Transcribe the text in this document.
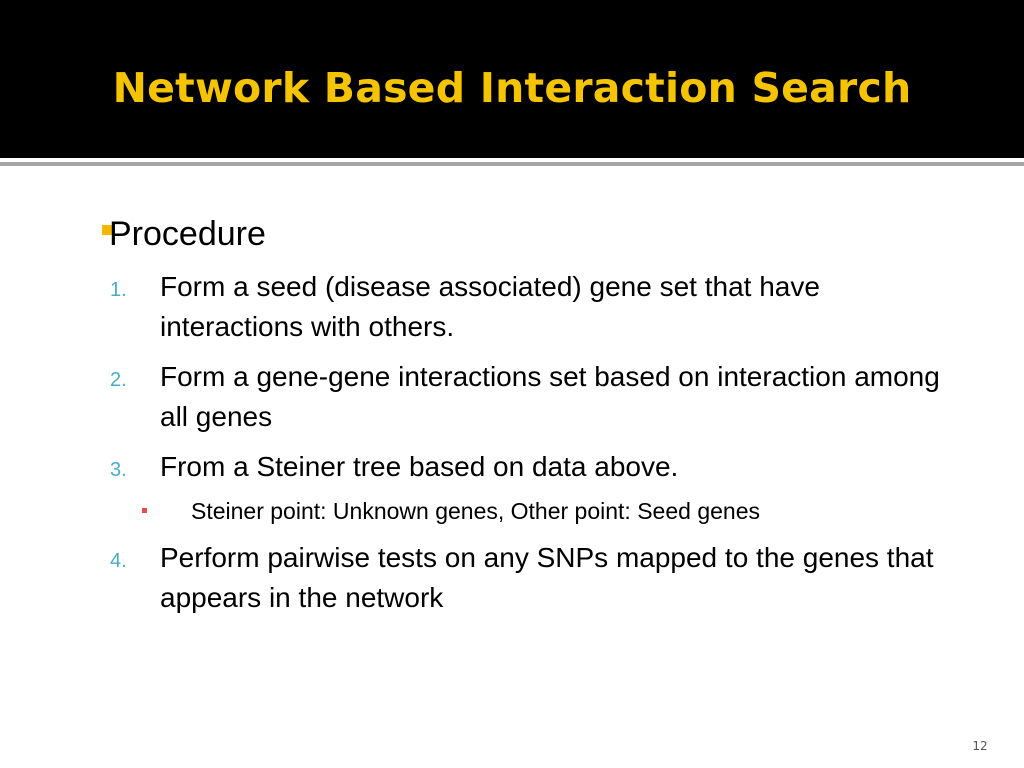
Network Based Interaction Search
Procedure
1. Form a seed (disease associated) gene set that have interactions with others.
2. Form a gene-gene interactions set based on interaction among all genes
3. From a Steiner tree based on data above.
Steiner point: Unknown genes, Other point: Seed genes
4. Perform pairwise tests on any SNPs mapped to the genes that appears in the network
12
